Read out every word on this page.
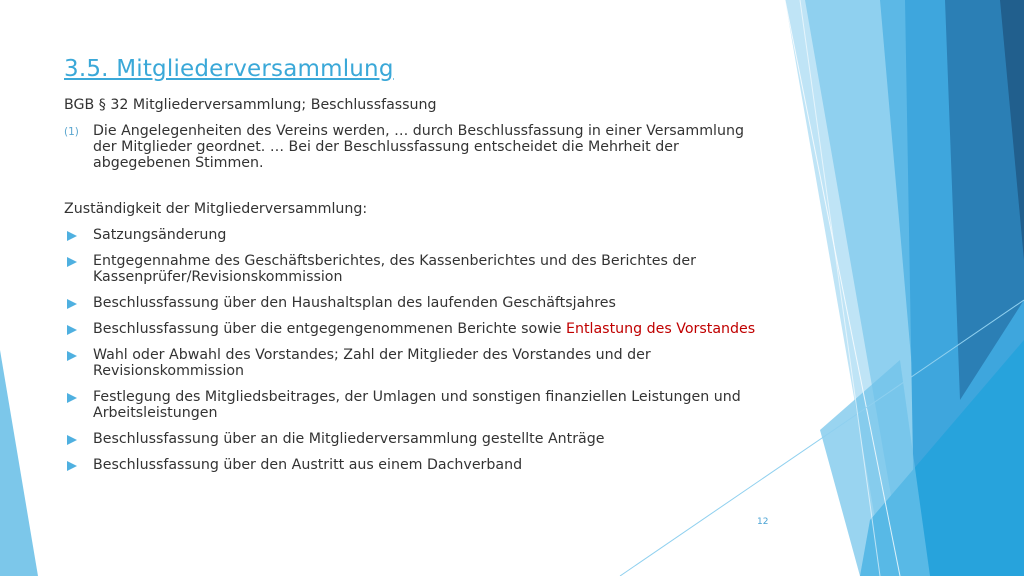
3.5. Mitgliederversammlung
BGB § 32 Mitgliederversammlung; Beschlussfassung
(1) Die Angelegenheiten des Vereins werden, … durch Beschlussfassung in einer Versammlung der Mitglieder geordnet. … Bei der Beschlussfassung entscheidet die Mehrheit der abgegebenen Stimmen.
Zuständigkeit der Mitgliederversammlung:
Satzungsänderung
Entgegennahme des Geschäftsberichtes, des Kassenberichtes und des Berichtes der Kassenprüfer/Revisionskommission
Beschlussfassung über den Haushaltsplan des laufenden Geschäftsjahres
Beschlussfassung über die entgegengenommenen Berichte sowie Entlastung des Vorstandes
Wahl oder Abwahl des Vorstandes; Zahl der Mitglieder des Vorstandes und der Revisionskommission
Festlegung des Mitgliedsbeitrages, der Umlagen und sonstigen finanziellen Leistungen und Arbeitsleistungen
Beschlussfassung über an die Mitgliederversammlung gestellte Anträge
Beschlussfassung über den Austritt aus einem Dachverband
12
